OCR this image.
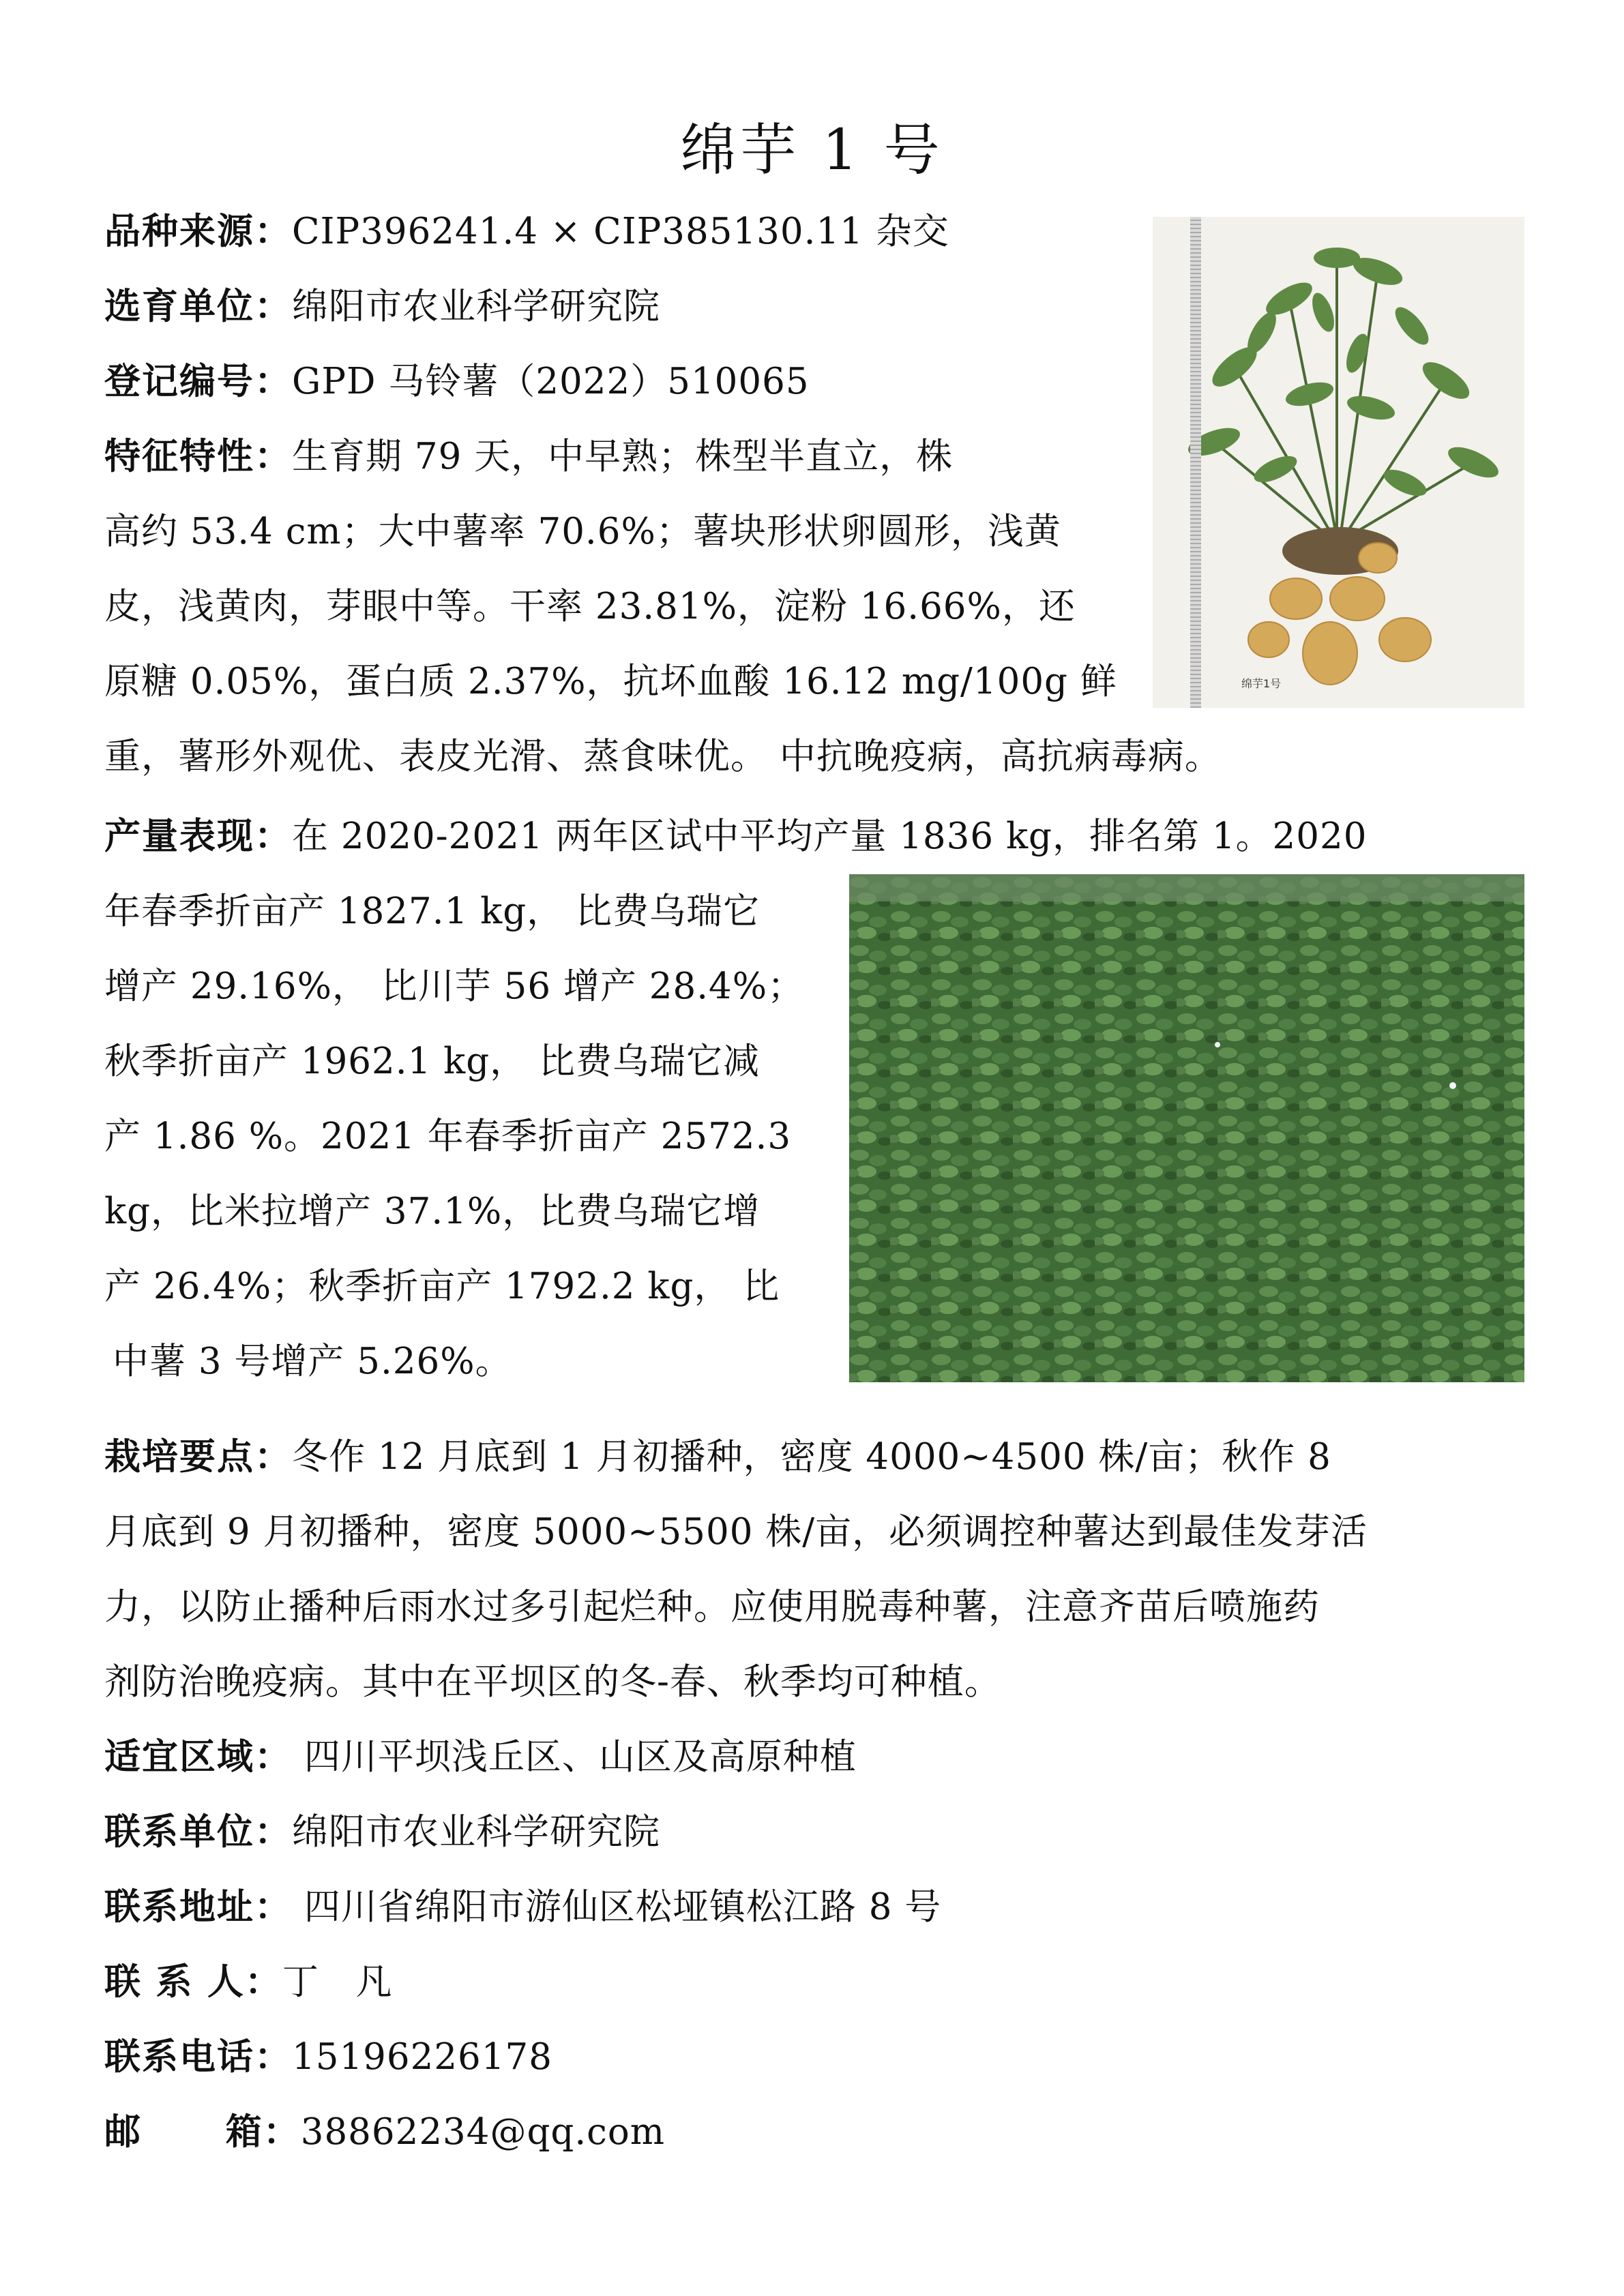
绵芋 1 号
品种来源：CIP396241.4 × CIP385130.11 杂交
选育单位：绵阳市农业科学研究院
登记编号：GPD 马铃薯（2022）510065
特征特性：生育期 79 天，中早熟；株型半直立，株
高约 53.4 cm；大中薯率 70.6%；薯块形状卵圆形，浅黄
皮，浅黄肉，芽眼中等。干率 23.81%，淀粉 16.66%，还
原糖 0.05%，蛋白质 2.37%，抗坏血酸 16.12 mg/100g 鲜
重，薯形外观优、表皮光滑、蒸食味优。 中抗晚疫病，高抗病毒病。
绵芋1号
产量表现：在 2020-2021 两年区试中平均产量 1836 kg，排名第 1。2020
年春季折亩产 1827.1 kg， 比费乌瑞它
增产 29.16%， 比川芋 56 增产 28.4%；
秋季折亩产 1962.1 kg， 比费乌瑞它减
产 1.86 %。2021 年春季折亩产 2572.3
kg，比米拉增产 37.1%，比费乌瑞它增
产 26.4%；秋季折亩产 1792.2 kg， 比
中薯 3 号增产 5.26%。
栽培要点：冬作 12 月底到 1 月初播种，密度 4000~4500 株/亩；秋作 8
月底到 9 月初播种，密度 5000~5500 株/亩，必须调控种薯达到最佳发芽活
力，以防止播种后雨水过多引起烂种。应使用脱毒种薯，注意齐苗后喷施药
剂防治晚疫病。其中在平坝区的冬-春、秋季均可种植。
适宜区域： 四川平坝浅丘区、山区及高原种植
联系单位：绵阳市农业科学研究院
联系地址： 四川省绵阳市游仙区松垭镇松江路 8 号
联 系 人：丁   凡
联系电话：15196226178
邮      箱：38862234@qq.com
